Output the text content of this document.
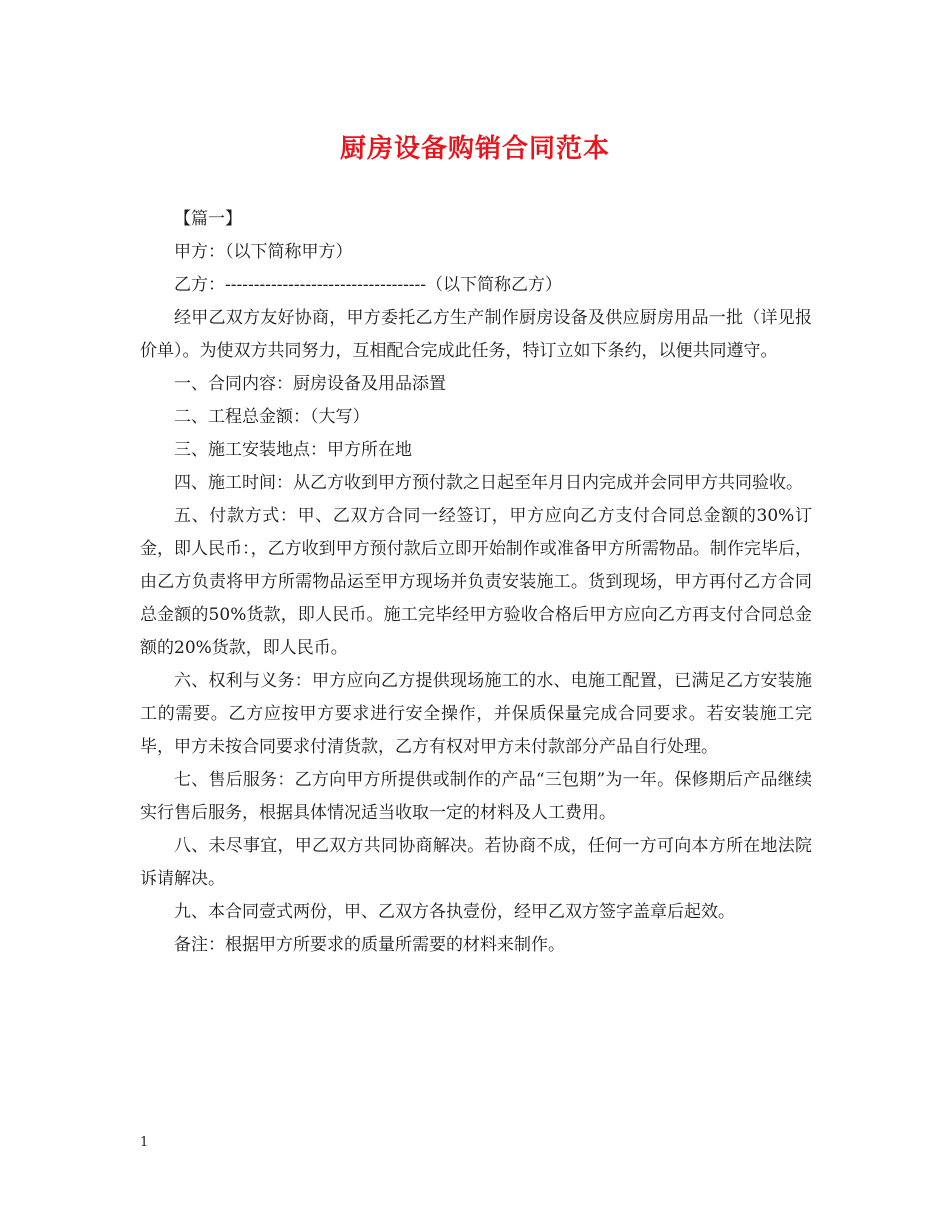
厨房设备购销合同范本

【篇一】

甲方：（以下简称甲方）

乙方：-----------------------------------（以下简称乙方）

经甲乙双方友好协商，甲方委托乙方生产制作厨房设备及供应厨房用品一批（详见报价单）。为使双方共同努力，互相配合完成此任务，特订立如下条约，以便共同遵守。

一、合同内容：厨房设备及用品添置

二、工程总金额：（大写）

三、施工安装地点：甲方所在地

四、施工时间：从乙方收到甲方预付款之日起至年月日内完成并会同甲方共同验收。

五、付款方式：甲、乙双方合同一经签订，甲方应向乙方支付合同总金额的30%订金，即人民币：，乙方收到甲方预付款后立即开始制作或准备甲方所需物品。制作完毕后，由乙方负责将甲方所需物品运至甲方现场并负责安装施工。货到现场，甲方再付乙方合同总金额的50%货款，即人民币。施工完毕经甲方验收合格后甲方应向乙方再支付合同总金额的20%货款，即人民币。

六、权利与义务：甲方应向乙方提供现场施工的水、电施工配置，已满足乙方安装施工的需要。乙方应按甲方要求进行安全操作，并保质保量完成合同要求。若安装施工完毕，甲方未按合同要求付清货款，乙方有权对甲方未付款部分产品自行处理。

七、售后服务：乙方向甲方所提供或制作的产品“三包期”为一年。保修期后产品继续实行售后服务，根据具体情况适当收取一定的材料及人工费用。

八、未尽事宜，甲乙双方共同协商解决。若协商不成，任何一方可向本方所在地法院诉请解决。

九、本合同壹式两份，甲、乙双方各执壹份，经甲乙双方签字盖章后起效。

备注：根据甲方所要求的质量所需要的材料来制作。

1
